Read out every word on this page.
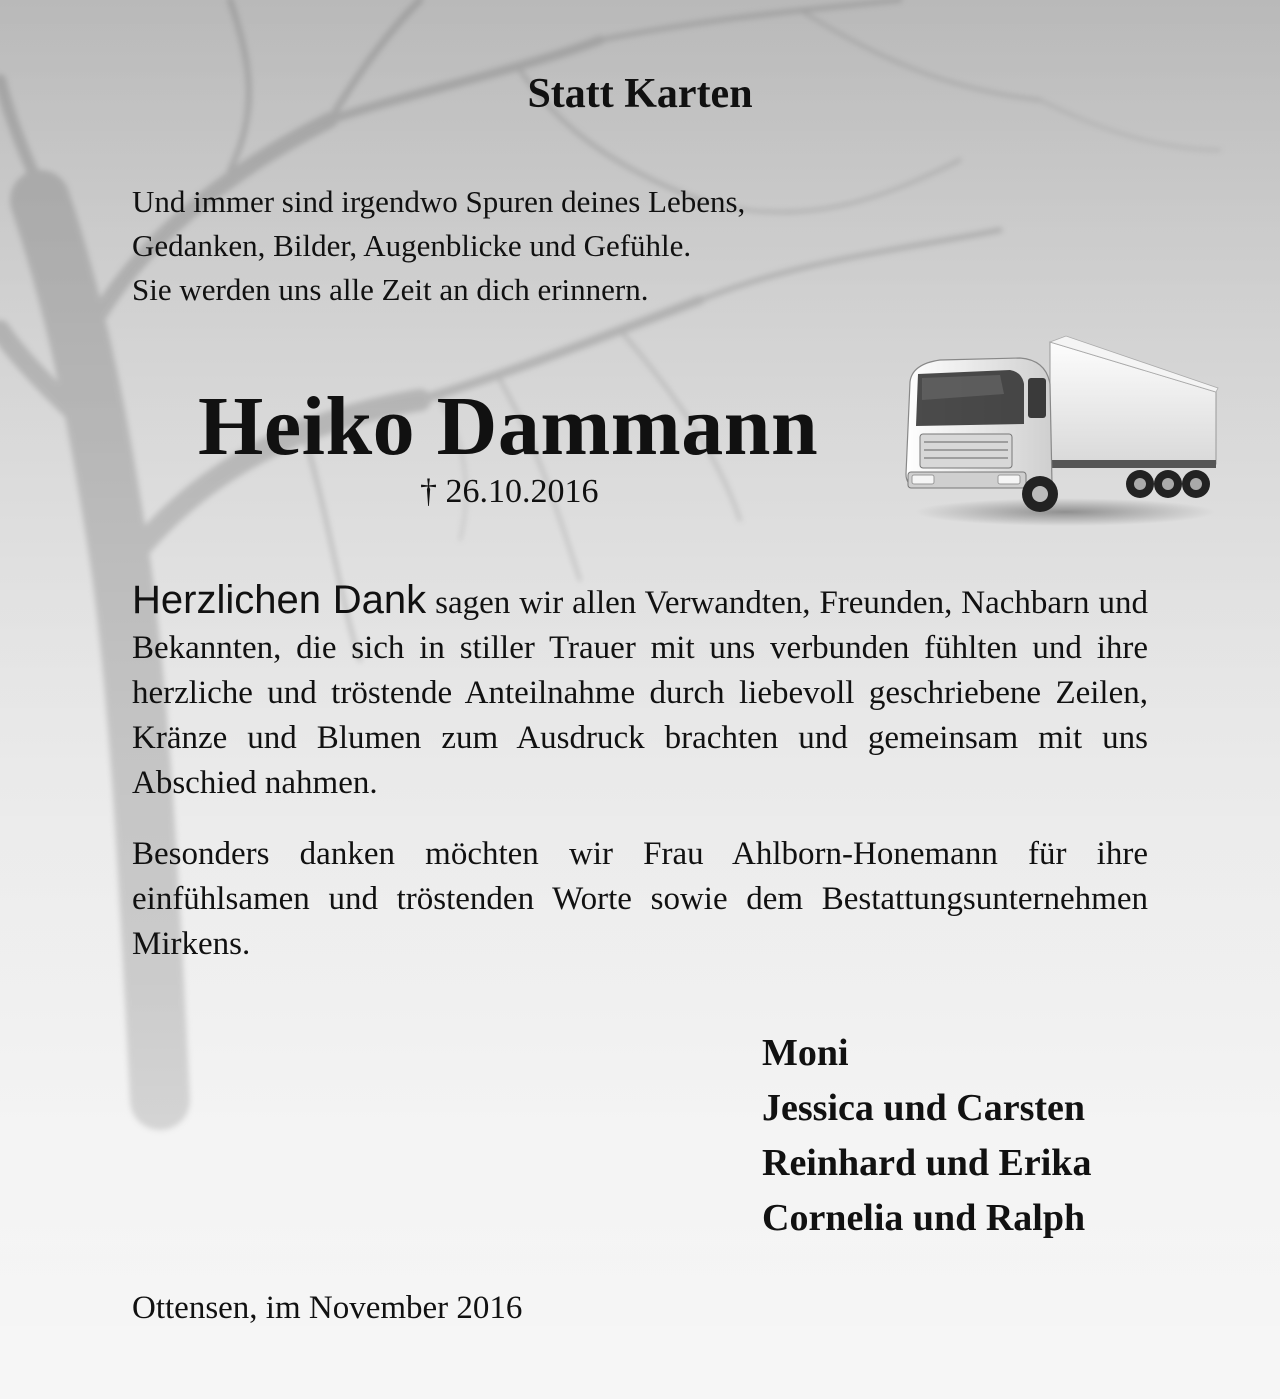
Statt Karten
Und immer sind irgendwo Spuren deines Lebens,
Gedanken, Bilder, Augenblicke und Gefühle.
Sie werden uns alle Zeit an dich erinnern.
Heiko Dammann
† 26.10.2016

Herzlichen Dank sagen wir allen Verwandten, Freunden, Nachbarn und Bekannten, die sich in stiller Trauer mit uns verbunden fühlten und ihre herzliche und tröstende Anteilnahme durch liebevoll geschriebene Zeilen, Kränze und Blumen zum Ausdruck brachten und gemeinsam mit uns Abschied nahmen.

Besonders danken möchten wir Frau Ahlborn-Honemann für ihre einfühlsamen und tröstenden Worte sowie dem Bestattungsunternehmen Mirkens.

Moni
Jessica und Carsten
Reinhard und Erika
Cornelia und Ralph
Ottensen, im November 2016
